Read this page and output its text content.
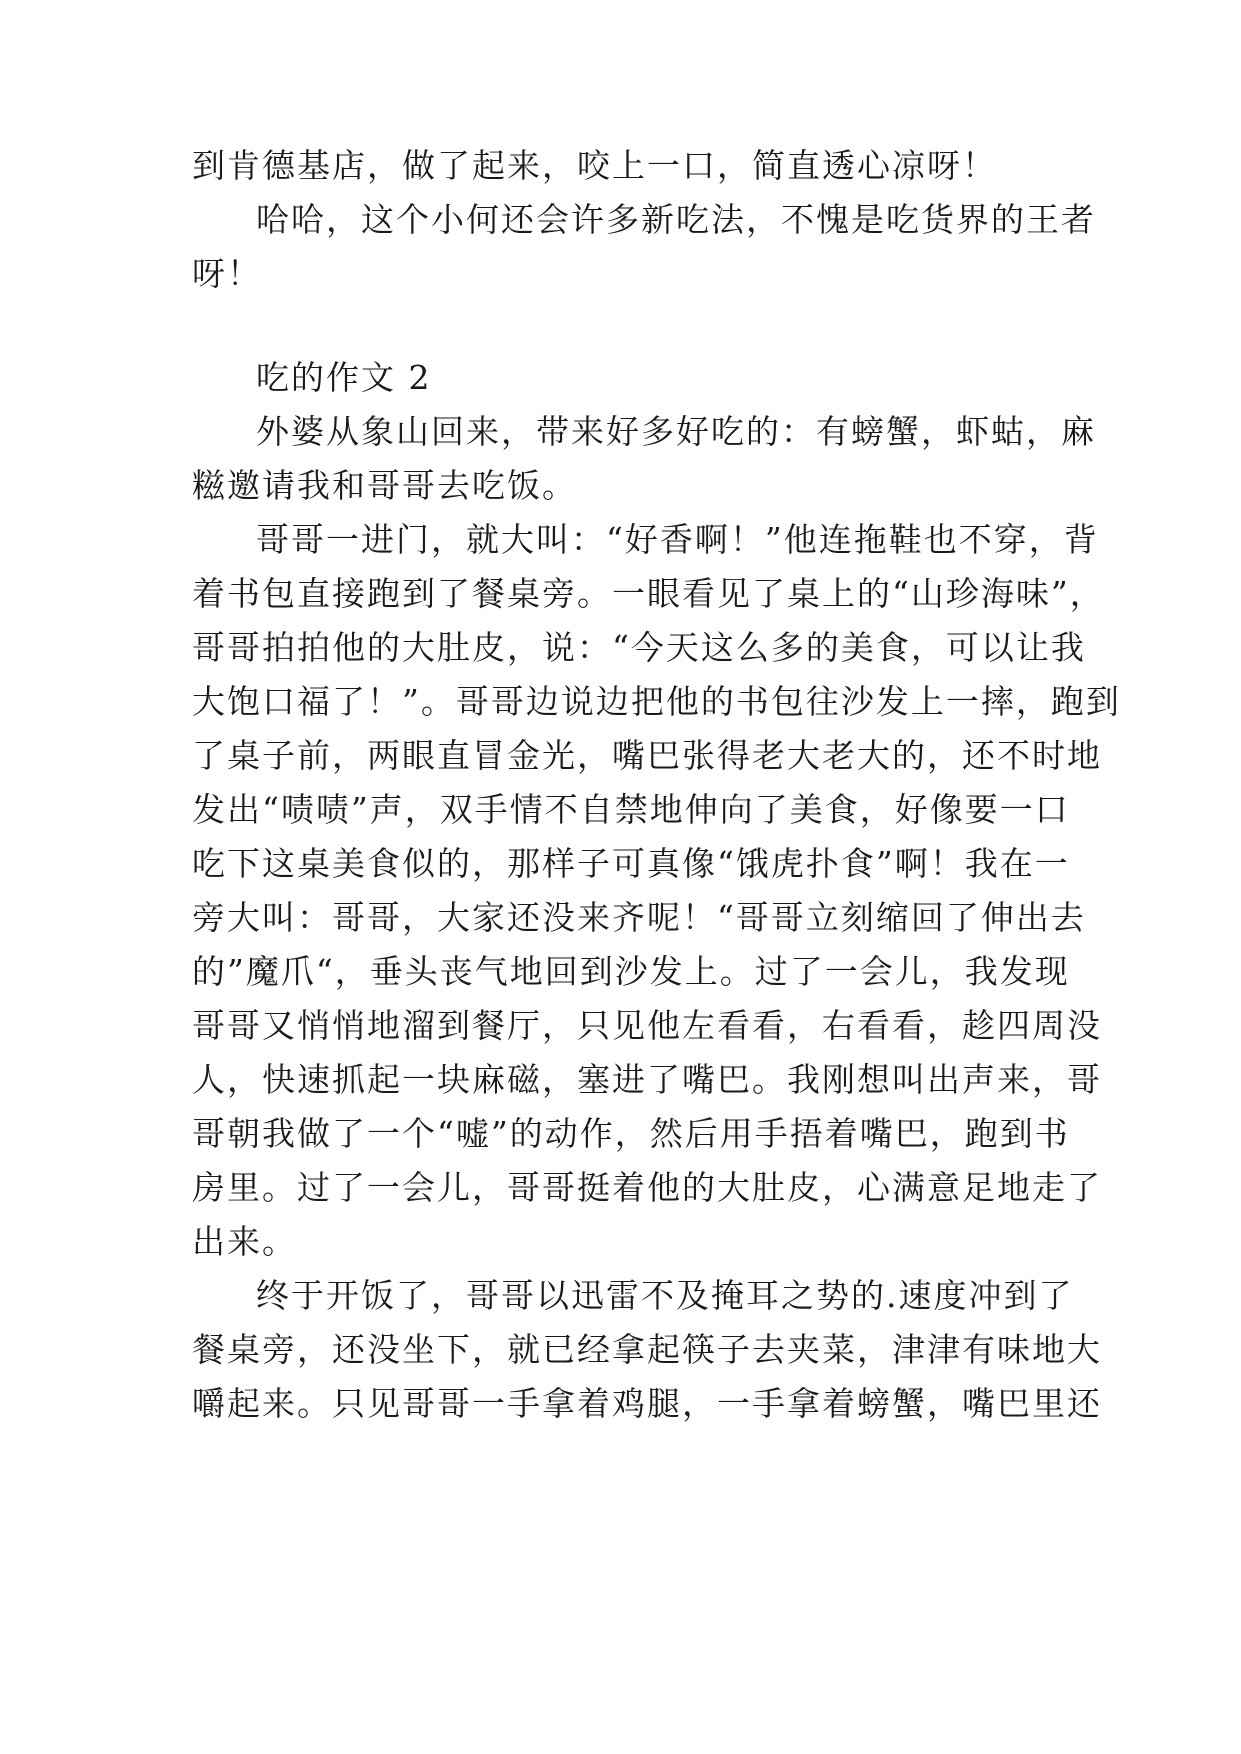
到肯德基店，做了起来，咬上一口，简直透心凉呀！
哈哈，这个小何还会许多新吃法，不愧是吃货界的王者
呀！
吃的作文 2
外婆从象山回来，带来好多好吃的：有螃蟹，虾蛄，麻
糍邀请我和哥哥去吃饭。
哥哥一进门，就大叫：“好香啊！”他连拖鞋也不穿，背
着书包直接跑到了餐桌旁。一眼看见了桌上的“山珍海味”，
哥哥拍拍他的大肚皮，说：“今天这么多的美食，可以让我
大饱口福了！”。哥哥边说边把他的书包往沙发上一摔，跑到
了桌子前，两眼直冒金光，嘴巴张得老大老大的，还不时地
发出“啧啧”声，双手情不自禁地伸向了美食，好像要一口
吃下这桌美食似的，那样子可真像“饿虎扑食”啊！我在一
旁大叫：哥哥，大家还没来齐呢！“哥哥立刻缩回了伸出去
的”魔爪“，垂头丧气地回到沙发上。过了一会儿，我发现
哥哥又悄悄地溜到餐厅，只见他左看看，右看看，趁四周没
人，快速抓起一块麻磁，塞进了嘴巴。我刚想叫出声来，哥
哥朝我做了一个“嘘”的动作，然后用手捂着嘴巴，跑到书
房里。过了一会儿，哥哥挺着他的大肚皮，心满意足地走了
出来。
终于开饭了，哥哥以迅雷不及掩耳之势的.速度冲到了
餐桌旁，还没坐下，就已经拿起筷子去夹菜，津津有味地大
嚼起来。只见哥哥一手拿着鸡腿，一手拿着螃蟹，嘴巴里还
